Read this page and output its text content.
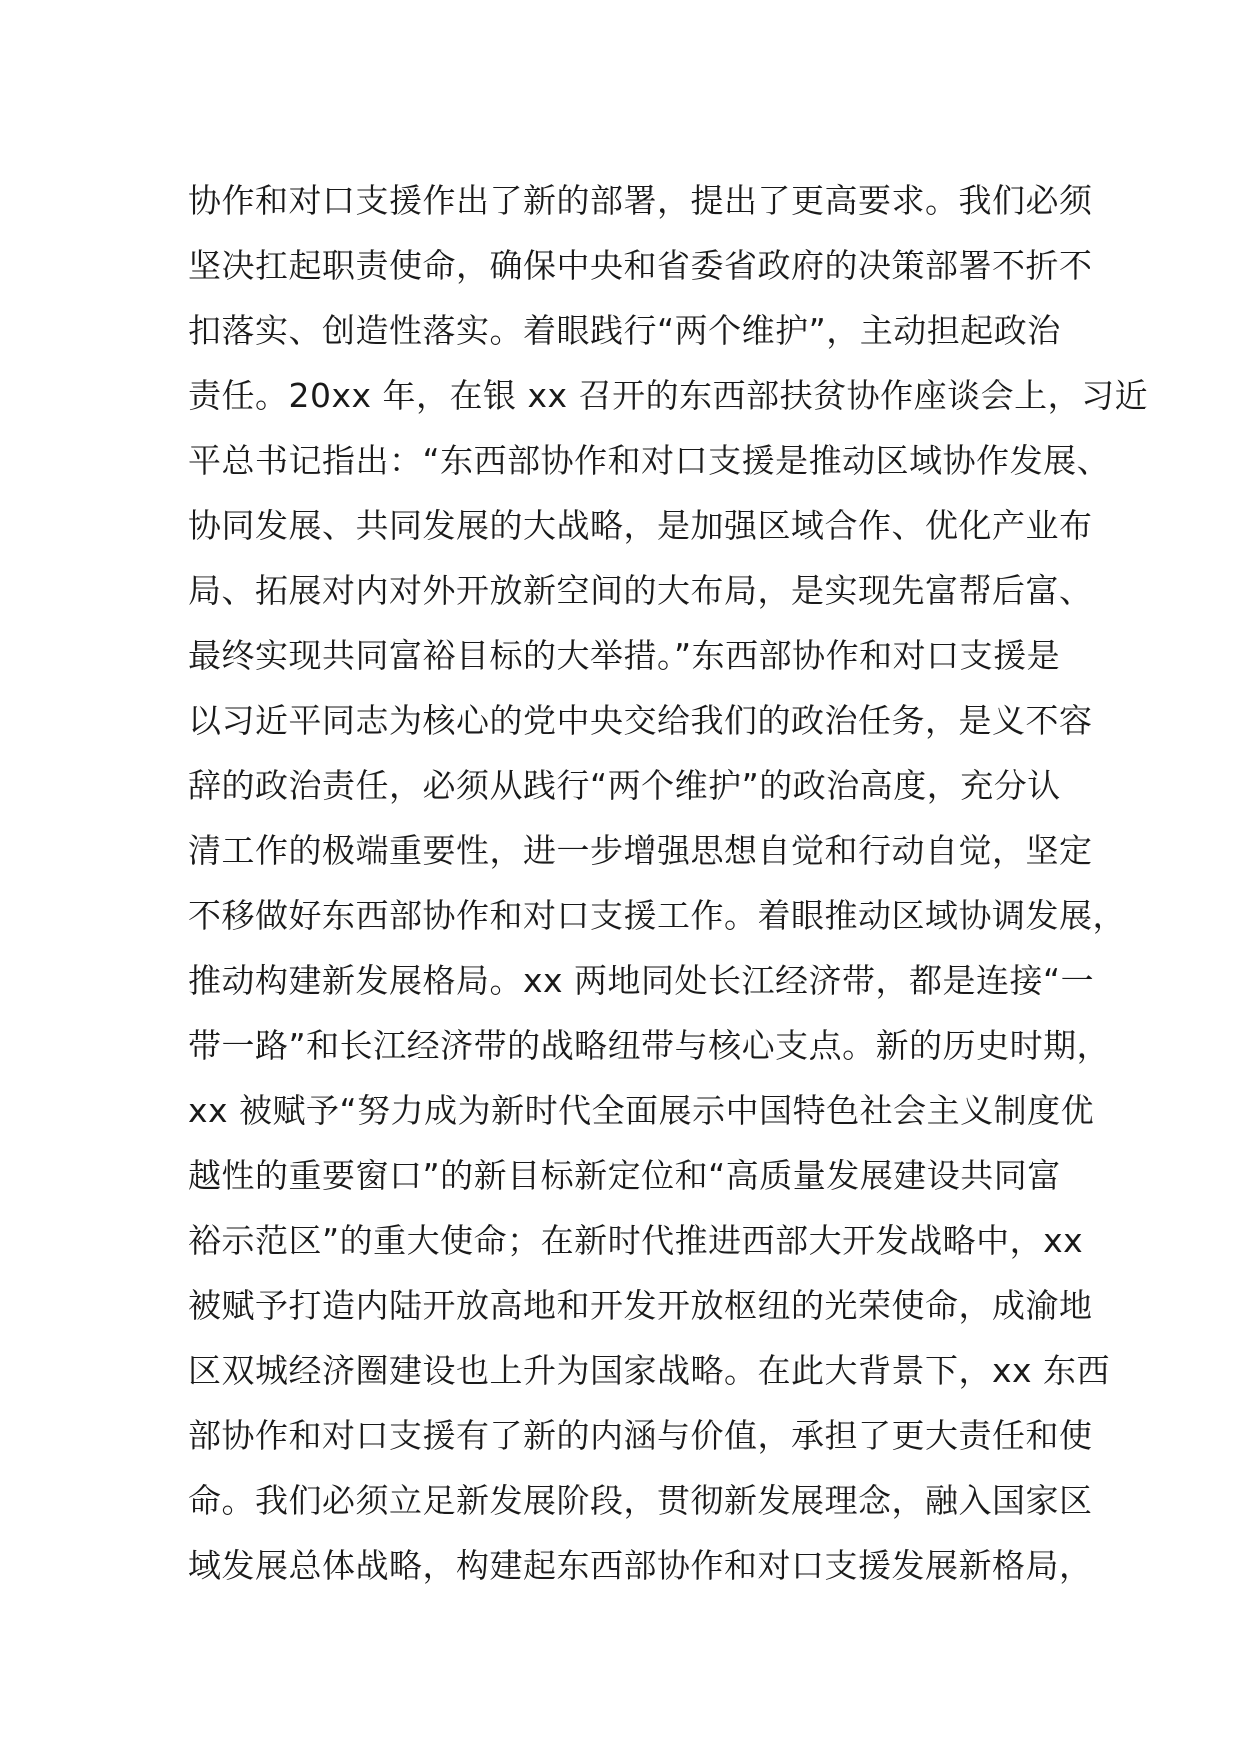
协作和对口支援作出了新的部署，提出了更高要求。我们必须
坚决扛起职责使命，确保中央和省委省政府的决策部署不折不
扣落实、创造性落实。着眼践行“两个维护”，主动担起政治
责任。20xx 年，在银 xx 召开的东西部扶贫协作座谈会上，习近
平总书记指出：“东西部协作和对口支援是推动区域协作发展、
协同发展、共同发展的大战略，是加强区域合作、优化产业布
局、拓展对内对外开放新空间的大布局，是实现先富帮后富、
最终实现共同富裕目标的大举措。”东西部协作和对口支援是
以习近平同志为核心的党中央交给我们的政治任务，是义不容
辞的政治责任，必须从践行“两个维护”的政治高度，充分认
清工作的极端重要性，进一步增强思想自觉和行动自觉，坚定
不移做好东西部协作和对口支援工作。着眼推动区域协调发展，
推动构建新发展格局。xx 两地同处长江经济带，都是连接“一
带一路”和长江经济带的战略纽带与核心支点。新的历史时期，
xx 被赋予“努力成为新时代全面展示中国特色社会主义制度优
越性的重要窗口”的新目标新定位和“高质量发展建设共同富
裕示范区”的重大使命；在新时代推进西部大开发战略中，xx
被赋予打造内陆开放高地和开发开放枢纽的光荣使命，成渝地
区双城经济圈建设也上升为国家战略。在此大背景下，xx 东西
部协作和对口支援有了新的内涵与价值，承担了更大责任和使
命。我们必须立足新发展阶段，贯彻新发展理念，融入国家区
域发展总体战略，构建起东西部协作和对口支援发展新格局，
